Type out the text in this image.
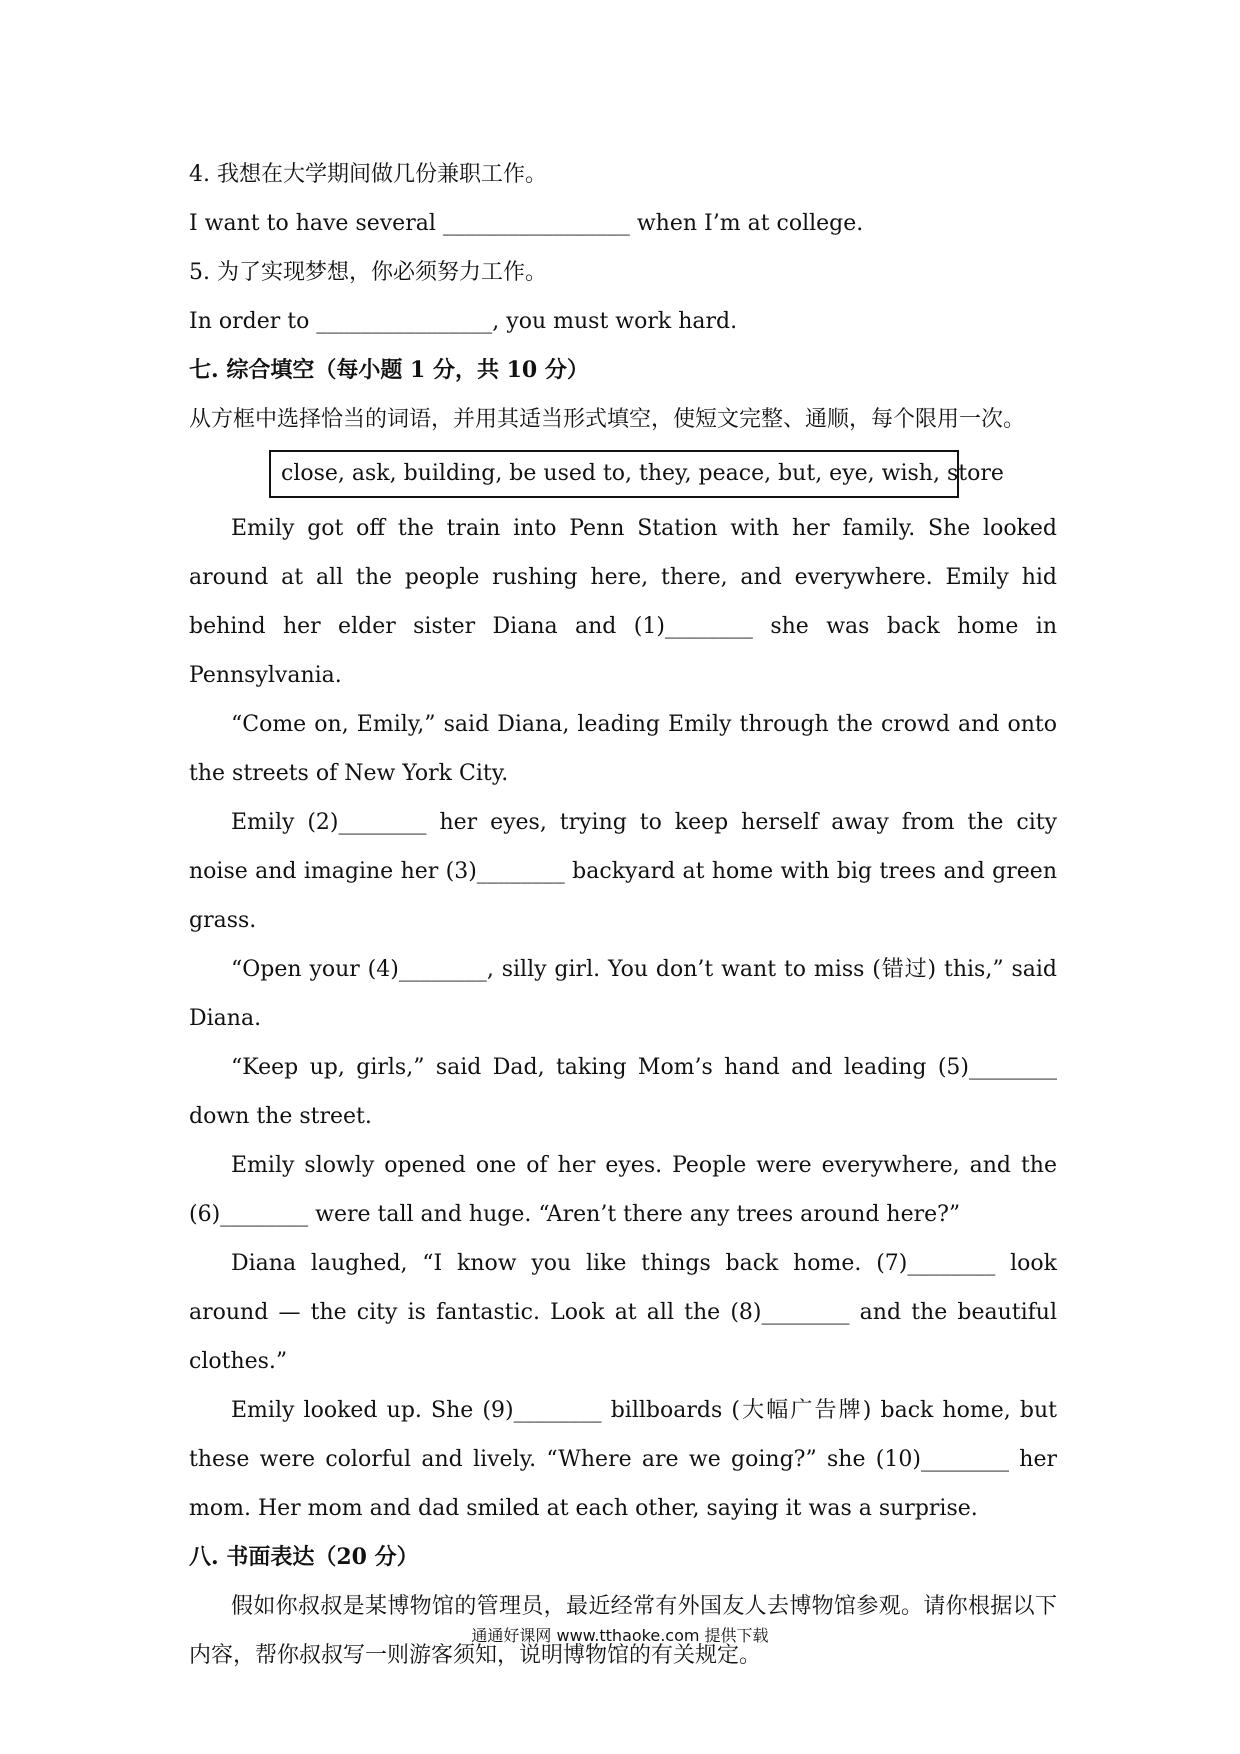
4. 我想在大学期间做几份兼职工作。

I want to have several _________________ when I’m at college.

5. 为了实现梦想，你必须努力工作。

In order to ________________, you must work hard.

七. 综合填空（每小题 1 分，共 10 分）

从方框中选择恰当的词语，并用其适当形式填空，使短文完整、通顺，每个限用一次。

close, ask, building, be used to, they, peace, but, eye, wish, store

Emily got off the train into Penn Station with her family. She looked around at all the people rushing here, there, and everywhere. Emily hid behind her elder sister Diana and (1)________ she was back home in Pennsylvania.

“Come on, Emily,” said Diana, leading Emily through the crowd and onto the streets of New York City.

Emily (2)________ her eyes, trying to keep herself away from the city noise and imagine her (3)________ backyard at home with big trees and green grass.

“Open your (4)________, silly girl. You don’t want to miss (错过) this,” said Diana.

“Keep up, girls,” said Dad, taking Mom’s hand and leading (5)________ down the street.

Emily slowly opened one of her eyes. People were everywhere, and the (6)________ were tall and huge. “Aren’t there any trees around here?”

Diana laughed, “I know you like things back home. (7)________ look around — the city is fantastic. Look at all the (8)________ and the beautiful clothes.”

Emily looked up. She (9)________ billboards (大幅广告牌) back home, but these were colorful and lively. “Where are we going?” she (10)________ her mom. Her mom and dad smiled at each other, saying it was a surprise.

八. 书面表达（20 分）

假如你叔叔是某博物馆的管理员，最近经常有外国友人去博物馆参观。请你根据以下内容，帮你叔叔写一则游客须知，说明博物馆的有关规定。

通通好课网 www.tthaoke.com 提供下载
